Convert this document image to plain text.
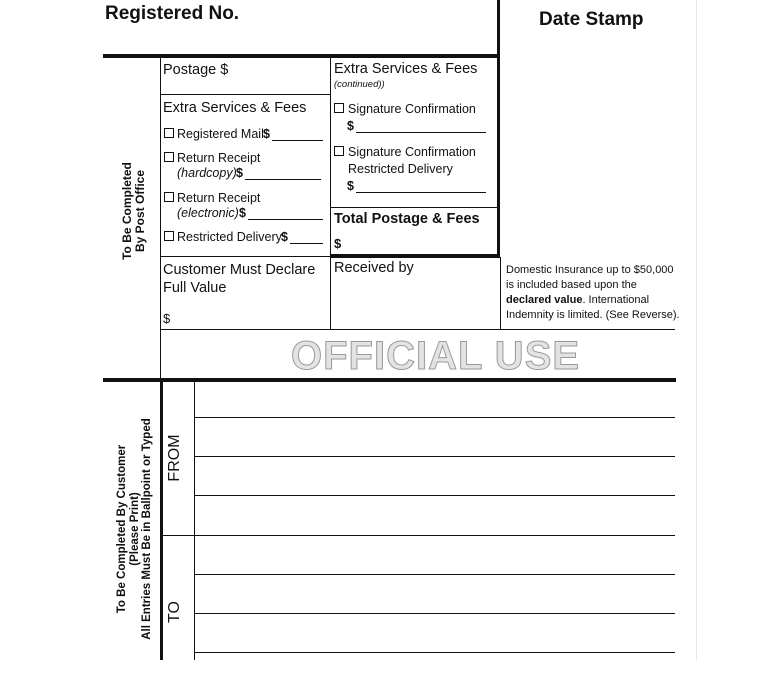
Registered No.	Date Stamp
To Be Completed By Post Office
Postage $
Extra Services & Fees
Registered Mail $
Return Receipt
(hardcopy) $
Return Receipt
(electronic) $
Restricted Delivery $
Extra Services & Fees
(continued))
Signature Confirmation
$
Signature Confirmation
Restricted Delivery
$
Total Postage & Fees
$
Customer Must Declare
Full Value
$
Received by	Domestic Insurance up to $50,000
is included based upon the
declared value. International
Indemnity is limited. (See Reverse).
OFFICIAL USE
To Be Completed By Customer (Please Print) All Entries Must Be in Ballpoint or Typed FROM
TO
